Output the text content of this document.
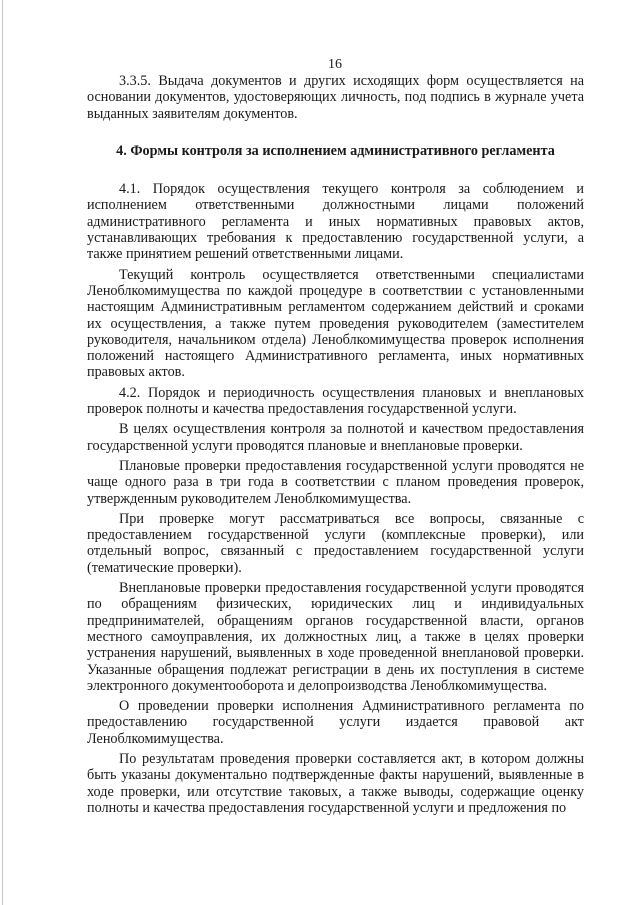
16

3.3.5. Выдача документов и других исходящих форм осуществляется на основании документов, удостоверяющих личность, под подпись в журнале учета выданных заявителям документов.

4. Формы контроля за исполнением административного регламента

4.1. Порядок осуществления текущего контроля за соблюдением и исполнением ответственными должностными лицами положений административного регламента и иных нормативных правовых актов, устанавливающих требования к предоставлению государственной услуги, а также принятием решений ответственными лицами.

Текущий контроль осуществляется ответственными специалистами Леноблкомимущества по каждой процедуре в соответствии с установленными настоящим Административным регламентом содержанием действий и сроками их осуществления, а также путем проведения руководителем (заместителем руководителя, начальником отдела) Леноблкомимущества проверок исполнения положений настоящего Административного регламента, иных нормативных правовых актов.

4.2. Порядок и периодичность осуществления плановых и внеплановых проверок полноты и качества предоставления государственной услуги.

В целях осуществления контроля за полнотой и качеством предоставления государственной услуги проводятся плановые и внеплановые проверки.

Плановые проверки предоставления государственной услуги проводятся не чаще одного раза в три года в соответствии с планом проведения проверок, утвержденным руководителем Леноблкомимущества.

При проверке могут рассматриваться все вопросы, связанные с предоставлением государственной услуги (комплексные проверки), или отдельный вопрос, связанный с предоставлением государственной услуги (тематические проверки).

Внеплановые проверки предоставления государственной услуги проводятся по обращениям физических, юридических лиц и индивидуальных предпринимателей, обращениям органов государственной власти, органов местного самоуправления, их должностных лиц, а также в целях проверки устранения нарушений, выявленных в ходе проведенной внеплановой проверки. Указанные обращения подлежат регистрации в день их поступления в системе электронного документооборота и делопроизводства Леноблкомимущества.

О проведении проверки исполнения Административного регламента по предоставлению государственной услуги издается правовой акт Леноблкомимущества.

По результатам проведения проверки составляется акт, в котором должны быть указаны документально подтвержденные факты нарушений, выявленные в ходе проверки, или отсутствие таковых, а также выводы, содержащие оценку полноты и качества предоставления государственной услуги и предложения по
